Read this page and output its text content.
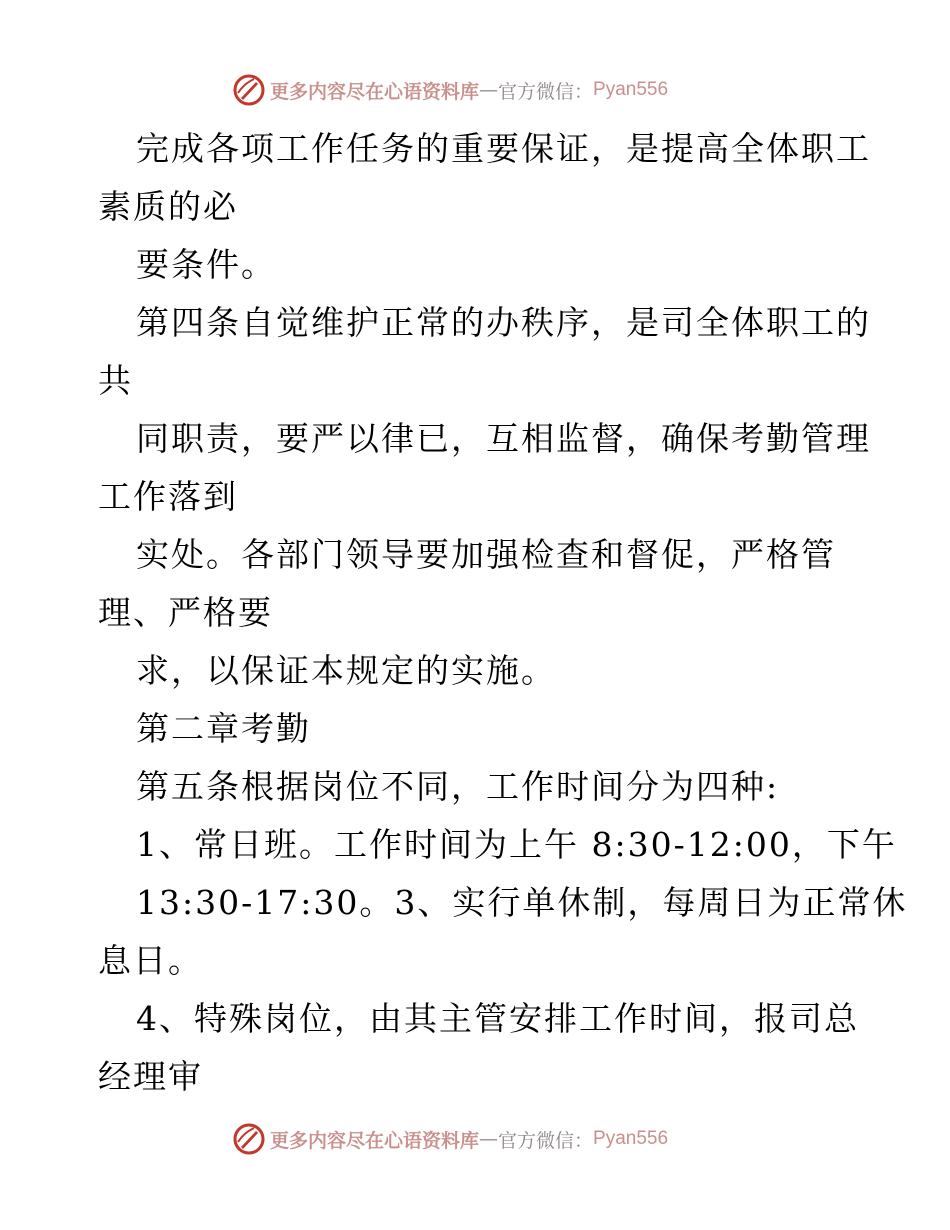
更多内容尽在心语资料库 — 官方微信： Pyan556
完成各项工作任务的重要保证，是提高全体职工
素质的必
要条件。
第四条自觉维护正常的办秩序，是司全体职工的
共
同职责，要严以律已，互相监督，确保考勤管理
工作落到
实处。各部门领导要加强检查和督促，严格管
理、严格要
求，以保证本规定的实施。
第二章考勤
第五条根据岗位不同，工作时间分为四种:
1、常日班。工作时间为上午 8:30-12:00，下午
13:30-17:30。3、实行单休制，每周日为正常休
息日。
4、特殊岗位，由其主管安排工作时间，报司总
经理审
更多内容尽在心语资料库 — 官方微信： Pyan556
